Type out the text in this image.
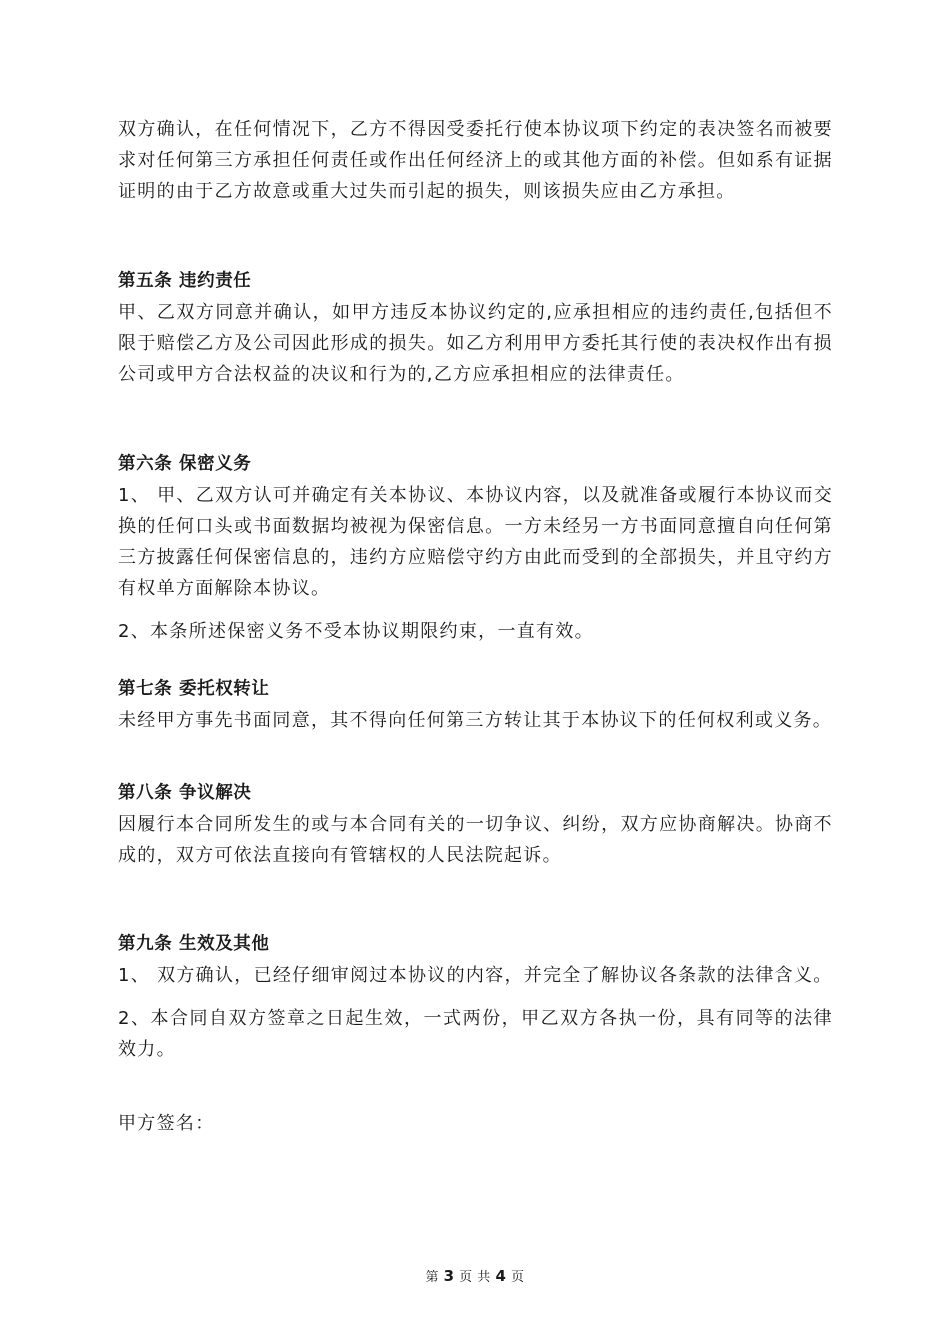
双方确认，在任何情况下，乙方不得因受委托行使本协议项下约定的表决签名而被要求对任何第三方承担任何责任或作出任何经济上的或其他方面的补偿。但如系有证据证明的由于乙方故意或重大过失而引起的损失，则该损失应由乙方承担。

第五条 违约责任

甲、乙双方同意并确认，如甲方违反本协议约定的,应承担相应的违约责任,包括但不限于赔偿乙方及公司因此形成的损失。如乙方利用甲方委托其行使的表决权作出有损公司或甲方合法权益的决议和行为的,乙方应承担相应的法律责任。

第六条 保密义务

1、 甲、乙双方认可并确定有关本协议、本协议内容，以及就准备或履行本协议而交换的任何口头或书面数据均被视为保密信息。一方未经另一方书面同意擅自向任何第三方披露任何保密信息的，违约方应赔偿守约方由此而受到的全部损失，并且守约方有权单方面解除本协议。

2、本条所述保密义务不受本协议期限约束，一直有效。

第七条 委托权转让

未经甲方事先书面同意，其不得向任何第三方转让其于本协议下的任何权利或义务。

第八条 争议解决

因履行本合同所发生的或与本合同有关的一切争议、纠纷，双方应协商解决。协商不成的，双方可依法直接向有管辖权的人民法院起诉。

第九条 生效及其他

1、 双方确认，已经仔细审阅过本协议的内容，并完全了解协议各条款的法律含义。

2、本合同自双方签章之日起生效，一式两份，甲乙双方各执一份，具有同等的法律效力。

甲方签名：

第 3 页 共 4 页
